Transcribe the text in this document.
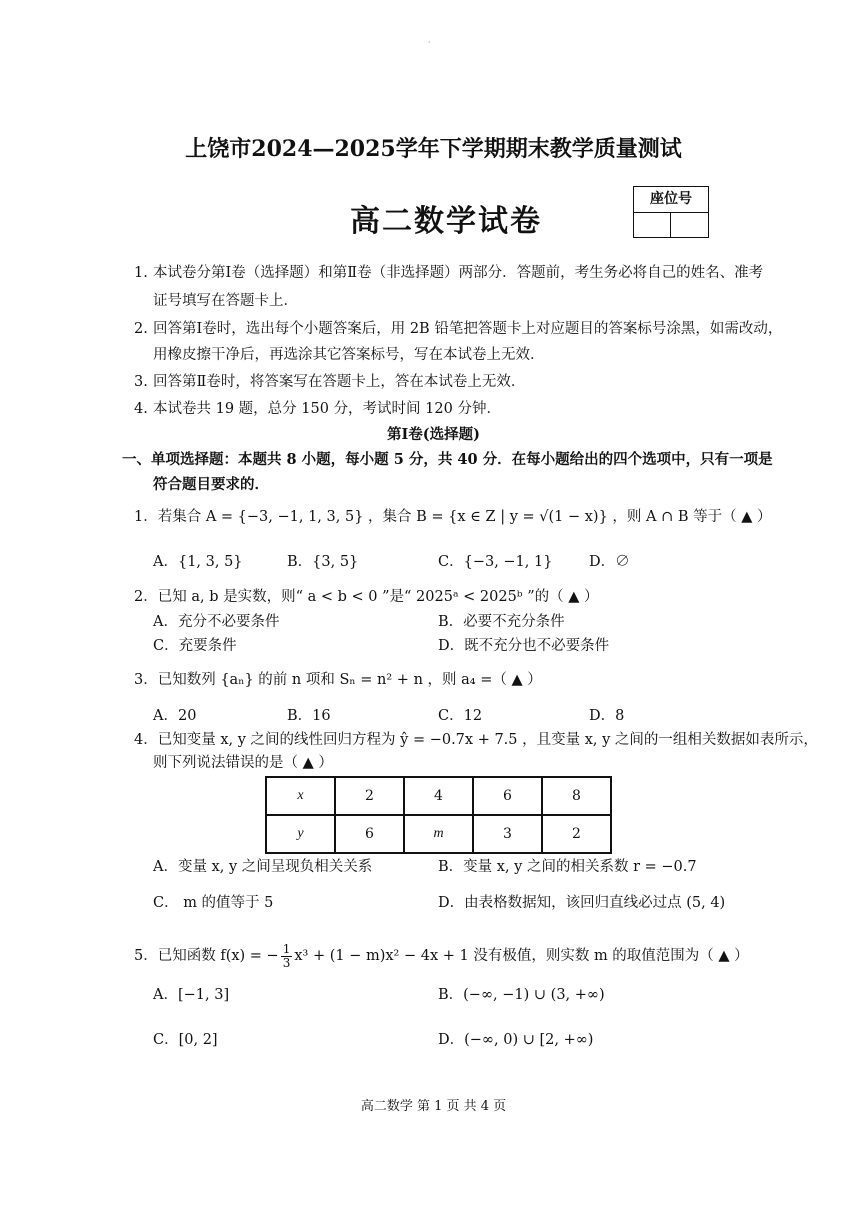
·
上饶市2024—2025学年下学期期末教学质量测试
高二数学试卷
座位号
1. 本试卷分第Ⅰ卷（选择题）和第Ⅱ卷（非选择题）两部分．答题前，考生务必将自己的姓名、准考
证号填写在答题卡上．
2. 回答第Ⅰ卷时，选出每个小题答案后，用 2B 铅笔把答题卡上对应题目的答案标号涂黑，如需改动，
用橡皮擦干净后，再选涂其它答案标号，写在本试卷上无效．
3. 回答第Ⅱ卷时，将答案写在答题卡上，答在本试卷上无效．
4. 本试卷共 19 题，总分 150 分，考试时间 120 分钟．
第Ⅰ卷(选择题)
一、单项选择题：本题共 8 小题，每小题 5 分，共 40 分．在每小题给出的四个选项中，只有一项是
符合题目要求的．
1．若集合 A = {−3, −1, 1, 3, 5} ，集合 B = {x ∈ Z | y = √(1 − x)} ，则 A ∩ B 等于（ ▲ ）
A．{1, 3, 5}	B．{3, 5}	C．{−3, −1, 1}	D．∅
2．已知 a, b 是实数，则“ a < b < 0 ”是“ 2025ᵃ < 2025ᵇ ”的（ ▲ ）
A．充分不必要条件	B．必要不充分条件
C．充要条件	D．既不充分也不必要条件
3．已知数列 {aₙ} 的前 n 项和 Sₙ = n² + n ，则 a₄ =（ ▲ ）
A．20	B．16	C．12	D．8
4．已知变量 x, y 之间的线性回归方程为 ŷ = −0.7x + 7.5 ，且变量 x, y 之间的一组相关数据如表所示，
则下列说法错误的是（ ▲ ）
x	2	4	6	8
y	6	m	3	2
A．变量 x, y 之间呈现负相关关系	B．变量 x, y 之间的相关系数 r = −0.7
C． m 的值等于 5	D．由表格数据知，该回归直线必过点 (5, 4)
5．已知函数 f(x) = − $\frac{1}{3} x^3 + (1 - m)x^2 - 4x + 1$ 没有极值，则实数 m 的取值范围为（ ▲ ）
A．[−1, 3]	B．(−∞, −1) ∪ (3, +∞)
C．[0, 2]	D．(−∞, 0) ∪ [2, +∞)
高二数学 第 1 页 共 4 页
